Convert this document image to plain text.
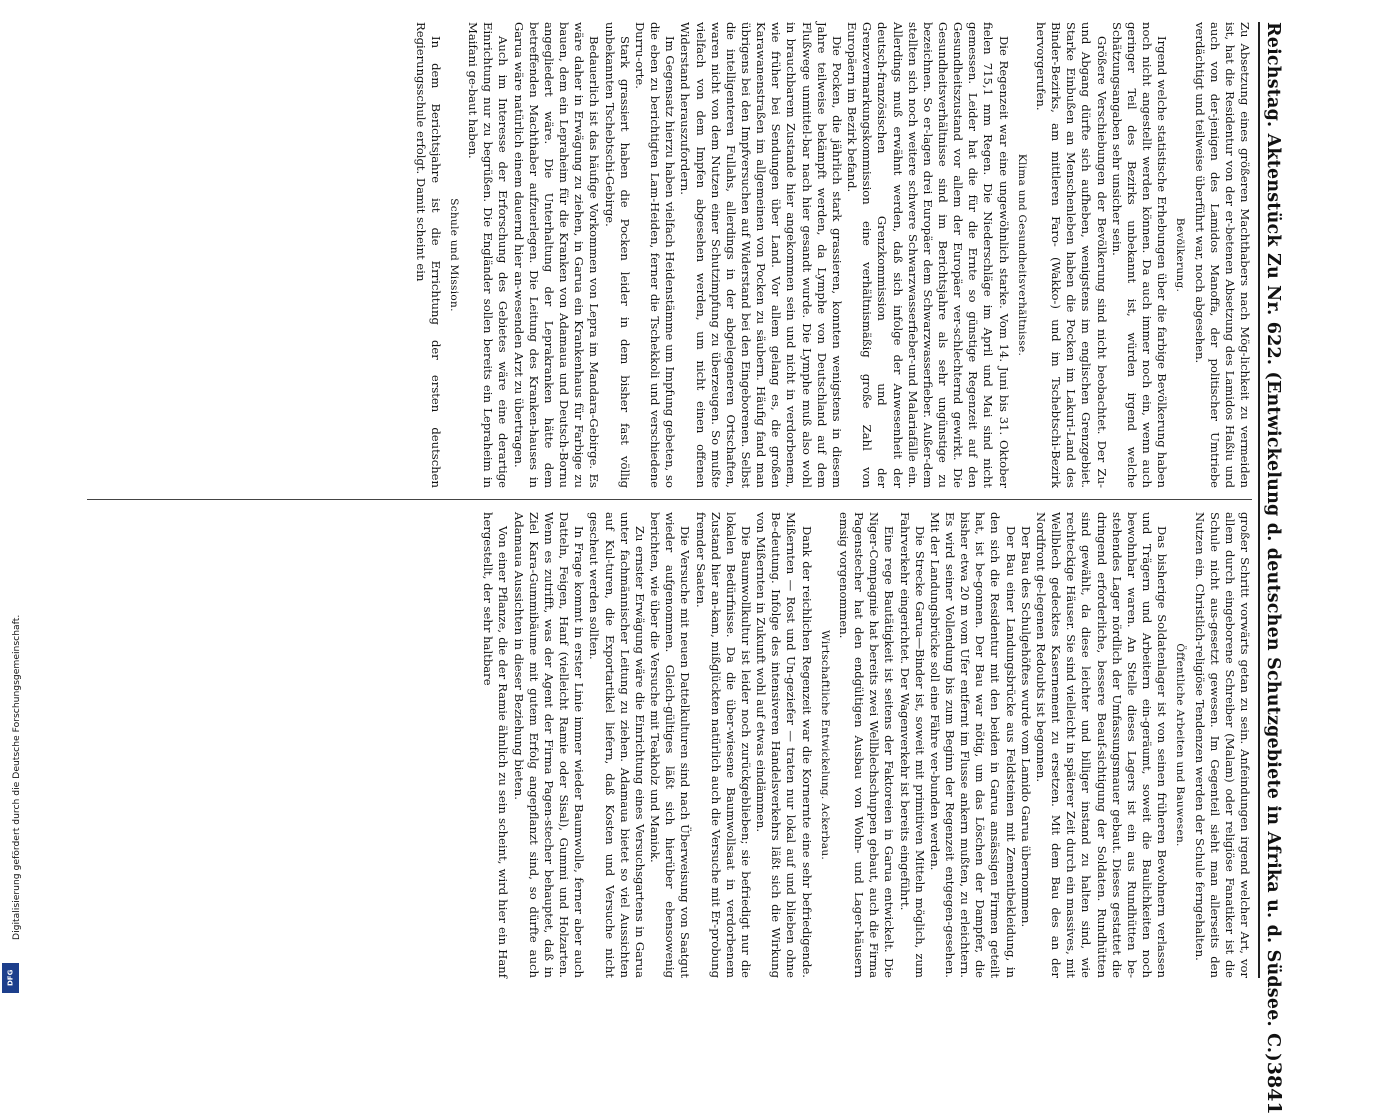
Digitalisierung gefördert durch die Deutsche Forschungsgemeinschaft.
DFG	Reichstag. Aktenstück Zu Nr. 622. (Entwickelung d. deutschen Schutzgebiete in Afrika u. d. Südsee. C.)
3841

Zu Absetzung eines größeren Machthabers nach Mög-lichkeit zu vermeiden ist, hat die Residentur von der er-betenen Absetzung des Lamidos Haßiu und auch von der-jenigen des Lamidos Manoffa, der politischer Umtriebe verdächtigt und teilweise überführt war, noch abgesehen.

Bevölkerung.

Irgend welche statistische Erhebungen über die farbige Bevölkerung haben noch nicht angestellt werden können. Da auch immer noch ein, wenn auch geringer Teil des Bezirks unbekannt ist, würden irgend welche Schätzungsangaben sehr unsicher sein.

Größere Verschiebungen der Bevölkerung sind nicht beobachtet. Der Zu- und Abgang dürfte sich aufheben, wenigstens im englischen Grenzgebiet. Starke Einbußen an Menschenleben haben die Pocken im Lakuri-Land des Binder-Bezirks, am mittleren Faro- (Wakko-) und im Tschebtschi-Bezirk hervorgerufen.

Klima und Gesundheitsverhältnisse.

Die Regenzeit war eine ungewöhnlich starke. Vom 14. Juni bis 31. Oktober fielen 715,1 mm Regen. Die Niederschläge im April und Mai sind nicht gemessen. Leider hat die für die Ernte so günstige Regenzeit auf den Gesundheitszustand vor allem der Europäer ver-schlechternd gewirkt. Die Gesundheitsverhältnisse sind im Berichtsjahre als sehr ungünstige zu bezeichnen. So er-lagen drei Europäer dem Schwarzwasserfieber. Außer-dem stellten sich noch weitere schwere Schwarzwasserfieber-und Malariafälle ein. Allerdings muß erwähnt werden, daß sich infolge der Anwesenheit der deutsch-französischen Grenzkommission und der Grenzvermarkungskommission eine verhältnismäßig große Zahl von Europäern im Bezirk befand.

Die Pocken, die jährlich stark grassieren, konnten wenigstens in diesem Jahre teilweise bekämpft werden, da Lymphe von Deutschland auf dem Flußwege unmittel-bar nach hier gesandt wurde. Die Lymphe muß also wohl in brauchbarem Zustande hier angekommen sein und nicht in verdorbenem, wie früher bei Sendungen über Land. Vor allem gelang es, die großen Karawanenstraßen im allgemeinen von Pocken zu säubern. Häufig fand man übrigens bei den Impfversuchen auf Widerstand bei den Eingeborenen. Selbst die intelligenteren Fullahs, allerdings in der abgelegeneren Ortschaften, waren nicht von dem Nutzen einer Schutzimpfung zu überzeugen. So mußte vielfach von dem Impfen abgesehen werden, um nicht einen offenen Widerstand herauszufordern.

Im Gegensatz hierzu haben vielfach Heidenstämme um Impfung gebeten, so die eben zu berichtigten Lam-Heiden, ferner die Tschekkoli und verschiedene Durru-orte.

Stark grassiert haben die Pocken leider in dem bisher fast völlig unbekannten Tschebtschi-Gebirge.

Bedauerlich ist das häufige Vorkommen von Lepra im Mandara-Gebirge. Es wäre daher in Erwägung zu ziehen, in Garua ein Krankenhaus für Farbige zu bauen, dem ein Lepraheim für die Kranken von Adamaua und Deutsch-Bornu angegliedert wäre. Die Unterhaltung der Leprakranken hätte dem betreffenden Machthaber aufzuerlegen. Die Leitung des Kranken-hauses in Garua wäre natürlich einem dauernd hier an-wesenden Arzt zu übertragen.

Auch im Interesse der Erforschung des Gebietes wäre eine derartige Einrichtung nur zu begrüßen. Die Engländer sollen bereits ein Lepraheim in Maifani ge-baut haben.

Schule und Mission.

In dem Berichtsjahre ist die Errichtung der ersten deutschen Regierungsschule erfolgt. Damit scheint ein

großer Schritt vorwärts getan zu sein. Anfeindungen irgend welcher Art, vor allem durch eingeborene Schreiber (Malam) oder religiöse Fanatiker ist die Schule nicht aus-gesetzt gewesen. Im Gegenteil sieht man allerseits den Nutzen ein. Christlich-religiöse Tendenzen werden der Schule ferngehalten.

Öffentliche Arbeiten und Bauwesen.

Das bisherige Soldatenlager ist von seinen früheren Bewohnern verlassen und Trägern und Arbeitern ein-geräumt, soweit die Baulichkeiten noch bewohnbar waren. An Stelle dieses Lagers ist ein aus Rundhütten be-stehendes Lager nördlich der Umfassungsmauer gebaut. Dieses gestattet die dringend erforderliche, bessere Beauf-sichtigung der Soldaten. Rundhütten sind gewählt, da diese leichter und billiger instand zu halten sind, wie rechteckige Häuser. Sie sind vielleicht in späterer Zeit durch ein massives, mit Wellblech gedecktes Kasernement zu ersetzen. Mit dem Bau des an der Nordfront ge-legenen Redoubts ist begonnen.

Der Bau des Schulgehöftes wurde vom Lamido Garua übernommen.

Der Bau einer Landungsbrücke aus Feldsteinen mit Zementbekleidung, in den sich die Residentur mit den beiden in Garua ansässigen Firmen geteilt hat, ist be-gonnen. Der Bau war nötig, um das Löschen der Dampfer, die bisher etwa 20 m vom Ufer entfernt im Flusse ankern mußten, zu erleichtern. Es wird seiner Vollendung bis zum Beginn der Regenzeit entgegen-gesehen. Mit der Landungsbrücke soll eine Fähre ver-bunden werden.

Die Strecke Garua—Binder ist, soweit mit primitiven Mitteln möglich, zum Fahrverkehr eingerichtet. Der Wagenverkehr ist bereits eingeführt.

Eine rege Bautätigkeit ist seitens der Faktoreien in Garua entwickelt. Die Niger-Compagnie hat bereits zwei Wellblechschuppen gebaut, auch die Firma Pagenstecher hat den endgültigen Ausbau von Wohn- und Lager-häusern emsig vorgenommen.

Wirtschaftliche Entwickelung. Ackerbau.

Dank der reichlichen Regenzeit war die Kornernte eine sehr befriedigende. Mißernten — Rost und Un-geziefer — traten nur lokal auf und blieben ohne Be-deutung. Infolge des intensiveren Handelsverkehrs läßt sich die Wirkung von Mißernten in Zukunft wohl auf etwas eindämmen.

Die Baumwollkultur ist leider noch zurückgeblieben; sie befriedigt nur die lokalen Bedürfnisse. Da die über-wiesene Baumwollsaat in verdorbenem Zustand hier an-kam, mißglückten natürlich auch die Versuche mit Er-probung fremder Saaten.

Die Versuche mit neuen Dattelkulturen sind nach Überweisung von Saatgut wieder aufgenommen. Gleich-gültiges läßt sich hierüber ebensowenig berichten, wie über die Versuche mit Teakholz und Maniok.

Zu ernster Erwägung wäre die Einrichtung eines Versuchsgartens in Garua unter fachmännischer Leitung zu ziehen. Adamaua bietet so viel Aussichten auf Kul-turen, die Exportartikel liefern, daß Kosten und Versuche nicht gescheut werden sollten.

In Frage kommt in erster Linie immer wieder Baumwolle, ferner aber auch Datteln, Feigen, Hanf (vielleicht Ramie oder Sisal), Gummi und Holzarten. Wenn es zutrifft, was der Agent der Firma Pagen-stecher behauptet, daß in Ziel Kara-Gummibäume mit gutem Erfolg angepflanzt sind, so dürfte auch Adamaua Aussichten in dieser Beziehung bieten.

Von einer Pflanze, die der Ramie ähnlich zu sein scheint, wird hier ein Hanf hergestellt, der sehr haltbare
